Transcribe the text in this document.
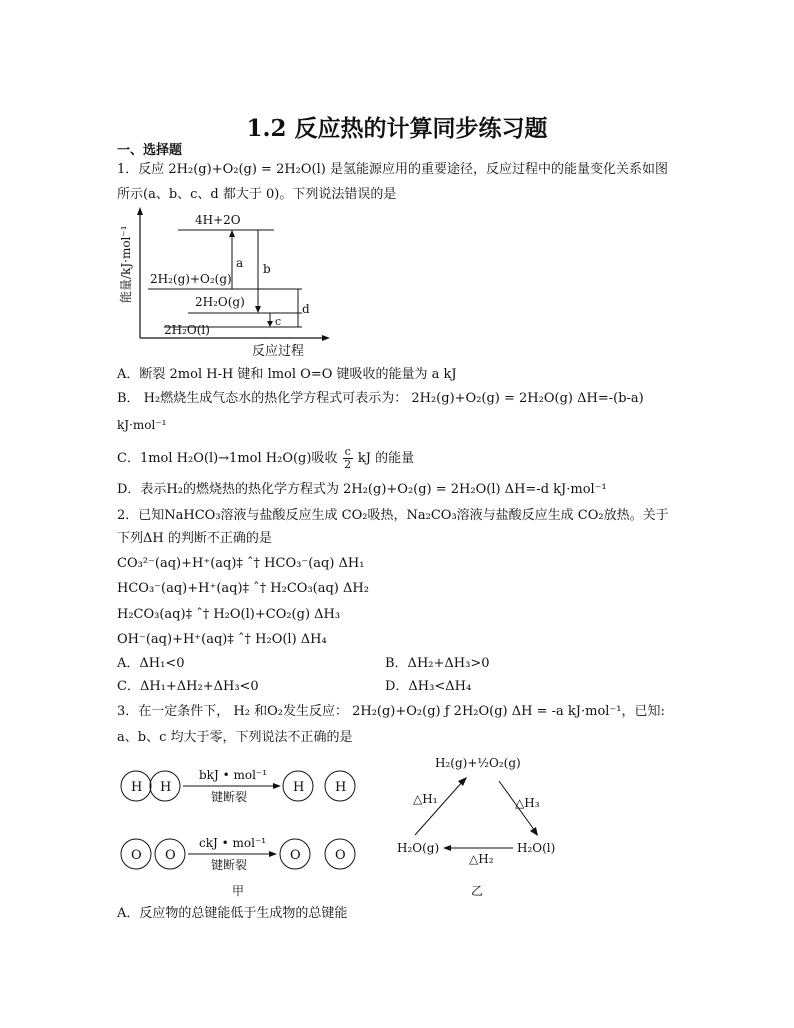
1.2 反应热的计算同步练习题
一、选择题
1．反应 2H₂(g)+O₂(g) = 2H₂O(l) 是氢能源应用的重要途径，反应过程中的能量变化关系如图
所示(a、b、c、d 都大于 0)。下列说法错误的是
能量/kJ·mol⁻¹
反应过程
4H+2O
2H₂(g)+O₂(g)
2H₂O(g)
2H₂O(l)
a b
c
d
A．断裂 2mol H-H 键和 lmol O=O 键吸收的能量为 a kJ
B． H₂燃烧生成气态水的热化学方程式可表示为： 2H₂(g)+O₂(g) = 2H₂O(g) ΔH=-(b-a)
kJ·mol⁻¹
C．1mol H₂O(l)→1mol H₂O(g)吸收 $\frac{c}{2}$ kJ 的能量
D．表示H₂的燃烧热的热化学方程式为 2H₂(g)+O₂(g) = 2H₂O(l) ΔH=-d kJ·mol⁻¹
2．已知NaHCO₃溶液与盐酸反应生成 CO₂吸热，Na₂CO₃溶液与盐酸反应生成 CO₂放热。关于
下列ΔH 的判断不正确的是
CO₃²⁻(aq)+H⁺(aq)‡ ˆ† HCO₃⁻(aq) ΔH₁
HCO₃⁻(aq)+H⁺(aq)‡ ˆ† H₂CO₃(aq) ΔH₂
H₂CO₃(aq)‡ ˆ† H₂O(l)+CO₂(g) ΔH₃
OH⁻(aq)+H⁺(aq)‡ ˆ† H₂O(l) ΔH₄
A．ΔH₁<0	B．ΔH₂+ΔH₃>0
C．ΔH₁+ΔH₂+ΔH₃<0	D．ΔH₃<ΔH₄
3．在一定条件下， H₂ 和O₂发生反应： 2H₂(g)+O₂(g) ƒ 2H₂O(g) ΔH = -a kJ·mol⁻¹，已知:
a、b、c 均大于零，下列说法不正确的是
H H
bkJ • mol⁻¹
键断裂
H H
O O
ckJ • mol⁻¹
键断裂
O	O
甲
H₂(g)+½O₂(g)
H₂O(g)	H₂O(l)
△H₁	△H₃
△H₂
乙
A．反应物的总键能低于生成物的总键能
